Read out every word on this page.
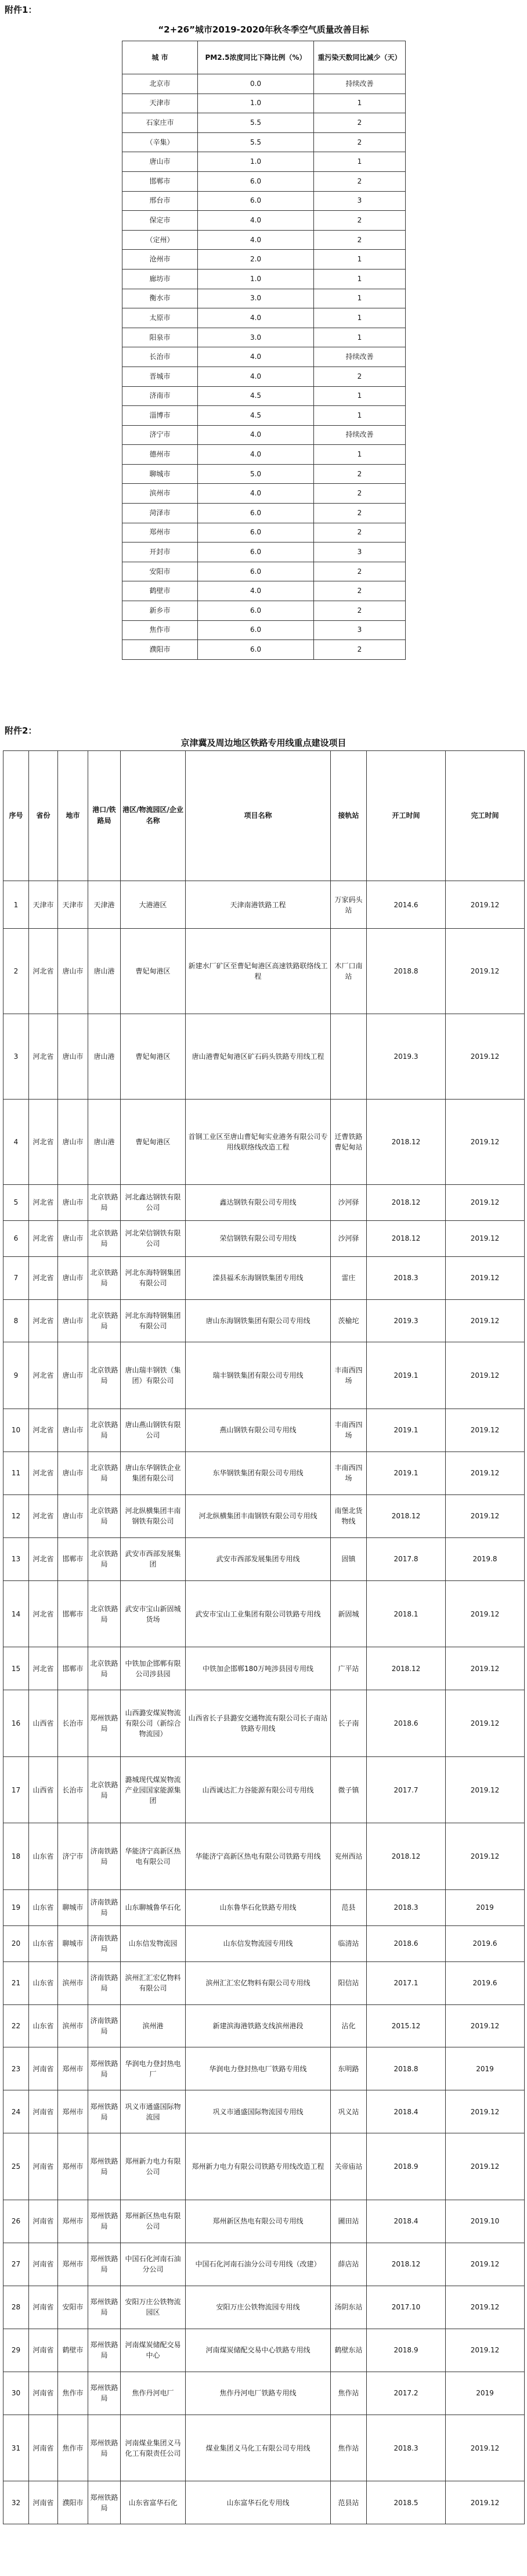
附件1：
“2+26”城市2019-2020年秋冬季空气质量改善目标
城 市	PM2.5浓度同比下降比例（%）	重污染天数同比减少（天）
北京市	0.0	持续改善
天津市	1.0	1
石家庄市	5.5	2
（辛集）	5.5	2
唐山市	1.0	1
邯郸市	6.0	2
邢台市	6.0	3
保定市	4.0	2
（定州）	4.0	2
沧州市	2.0	1
廊坊市	1.0	1
衡水市	3.0	1
太原市	4.0	1
阳泉市	3.0	1
长治市	4.0	持续改善
晋城市	4.0	2
济南市	4.5	1
淄博市	4.5	1
济宁市	4.0	持续改善
德州市	4.0	1
聊城市	5.0	2
滨州市	4.0	2
菏泽市	6.0	2
郑州市	6.0	2
开封市	6.0	3
安阳市	6.0	2
鹤壁市	4.0	2
新乡市	6.0	2
焦作市	6.0	3
濮阳市	6.0	2
附件2：
京津冀及周边地区铁路专用线重点建设项目
序号	省份	地市	港口/铁路局	港区/物流园区/企业名称	项目名称	接轨站	开工时间	完工时间
1	天津市	天津市	天津港	大港港区	天津南港铁路工程	万家码头站	2014.6	2019.12
2	河北省	唐山市	唐山港	曹妃甸港区	新建水厂矿区至曹妃甸港区高速铁路联络线工程	木厂口南站	2018.8	2019.12
3	河北省	唐山市	唐山港	曹妃甸港区	唐山港曹妃甸港区矿石码头铁路专用线工程		2019.3	2019.12
4	河北省	唐山市	唐山港	曹妃甸港区	首钢工业区至唐山曹妃甸实业港务有限公司专用线联络线改造工程	迁曹铁路曹妃甸站	2018.12	2019.12
5	河北省	唐山市	北京铁路局	河北鑫达钢铁有限公司	鑫达钢铁有限公司专用线	沙河驿	2018.12	2019.12
6	河北省	唐山市	北京铁路局	河北荣信钢铁有限公司	荣信钢铁有限公司专用线	沙河驿	2018.12	2019.12
7	河北省	唐山市	北京铁路局	河北东海特钢集团有限公司	滦县福禾东海钢铁集团专用线	雷庄	2018.3	2019.12
8	河北省	唐山市	北京铁路局	河北东海特钢集团有限公司	唐山东海钢铁集团有限公司专用线	茨榆坨	2019.3	2019.12
9	河北省	唐山市	北京铁路局	唐山瑞丰钢铁（集团）有限公司	瑞丰钢铁集团有限公司专用线	丰南西四场	2019.1	2019.12
10	河北省	唐山市	北京铁路局	唐山燕山钢铁有限公司	燕山钢铁有限公司专用线	丰南西四场	2019.1	2019.12
11	河北省	唐山市	北京铁路局	唐山东华钢铁企业集团有限公司	东华钢铁集团有限公司专用线	丰南西四场	2019.1	2019.12
12	河北省	唐山市	北京铁路局	河北纵横集团丰南钢铁有限公司	河北纵横集团丰南钢铁有限公司专用线	南堡北货物线	2018.12	2019.12
13	河北省	邯郸市	北京铁路局	武安市西部发展集团	武安市西部发展集团专用线	固镇	2017.8	2019.8
14	河北省	邯郸市	北京铁路局	武安市宝山新固城货场	武安市宝山工业集团有限公司铁路专用线	新固城	2018.1	2019.12
15	河北省	邯郸市	北京铁路局	中铁加企邯郸有限公司涉县园	中铁加企邯郸180万吨涉县园专用线	广平站	2018.12	2019.12
16	山西省	长治市	郑州铁路局	山西潞安煤炭物流有限公司（新综合物流园）	山西省长子县潞安交通物流有限公司长子南站铁路专用线	长子南	2018.6	2019.12
17	山西省	长治市	北京铁路局	潞城现代煤炭物流产业园国家能源集团	山西诚达汇力谷能源有限公司专用线	微子镇	2017.7	2019.12
18	山东省	济宁市	济南铁路局	华能济宁高新区热电有限公司	华能济宁高新区热电有限公司铁路专用线	兖州西站	2018.12	2019.12
19	山东省	聊城市	济南铁路局	山东聊城鲁华石化	山东鲁华石化铁路专用线	范县	2018.3	2019
20	山东省	聊城市	济南铁路局	山东信发物流园	山东信发物流园专用线	临清站	2018.6	2019.6
21	山东省	滨州市	济南铁路局	滨州汇汇宏亿物料有限公司	滨州汇汇宏亿物料有限公司专用线	阳信站	2017.1	2019.6
22	山东省	滨州市	济南铁路局	滨州港	新建滨海港铁路支线滨州港段	沾化	2015.12	2019.12
23	河南省	郑州市	郑州铁路局	华润电力登封热电厂	华润电力登封热电厂铁路专用线	东明路	2018.8	2019
24	河南省	郑州市	郑州铁路局	巩义市通盛国际物流园	巩义市通盛国际物流园专用线	巩义站	2018.4	2019.12
25	河南省	郑州市	郑州铁路局	郑州新力电力有限公司	郑州新力电力有限公司铁路专用线改造工程	关帝庙站	2018.9	2019.12
26	河南省	郑州市	郑州铁路局	郑州新区热电有限公司	郑州新区热电有限公司专用线	圃田站	2018.4	2019.10
27	河南省	郑州市	郑州铁路局	中国石化河南石油分公司	中国石化河南石油分公司专用线（改建）	薛店站	2018.12	2019.12
28	河南省	安阳市	郑州铁路局	安阳万庄公铁物流园区	安阳万庄公铁物流园专用线	汤阴东站	2017.10	2019.12
29	河南省	鹤壁市	郑州铁路局	河南煤炭储配交易中心	河南煤炭储配交易中心铁路专用线	鹤壁东站	2018.9	2019.12
30	河南省	焦作市	郑州铁路局	焦作丹河电厂	焦作丹河电厂铁路专用线	焦作站	2017.2	2019
31	河南省	焦作市	郑州铁路局	河南煤业集团义马化工有限责任公司	煤业集团义马化工有限公司专用线	焦作站	2018.3	2019.12
32	河南省	濮阳市	郑州铁路局	山东省富华石化	山东富华石化专用线	范县站	2018.5	2019.12
